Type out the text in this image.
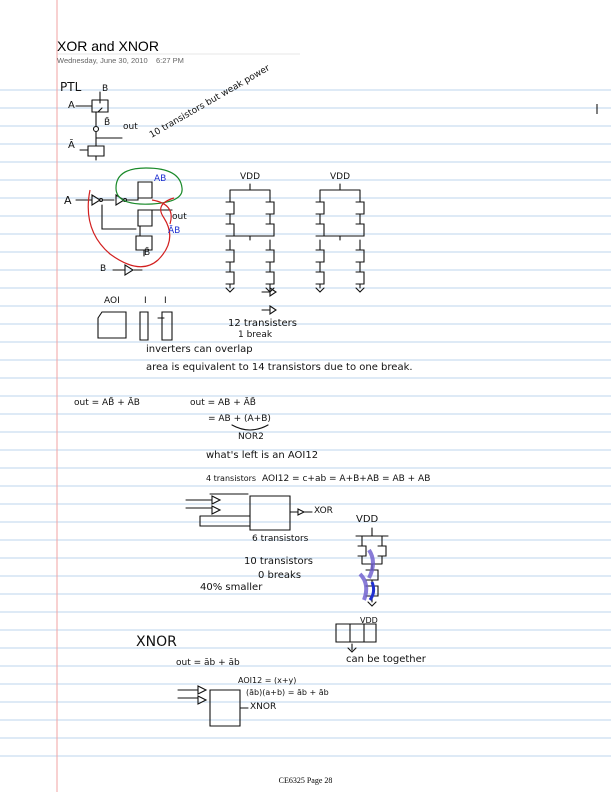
XOR and XNOR
Wednesday, June 30, 2010 6:27 PM
PTL B
A
B̄ out
Ā
10 transistors but weak power
A
AB
out
ĀB
B
B̄
VDD	VDD
AOI	I I
12 transisters
1 break
inverters can overlap
area is equivalent to 14 transistors due to one break.
out = AB̄ + ĀB	out = AB + ĀB̄
= AB + (A+B)
NOR2
what's left is an AOI12
4 transistors AOI12 = c+ab = A+B+AB = AB + AB
XOR
6 transistors
10 transistors
0 breaks
40% smaller
VDD
VDD
can be together
XNOR
out = āb + āb
AOI12 = (x+y)
(āb)(a+b) = āb + āb
XNOR
CE6325 Page 28
